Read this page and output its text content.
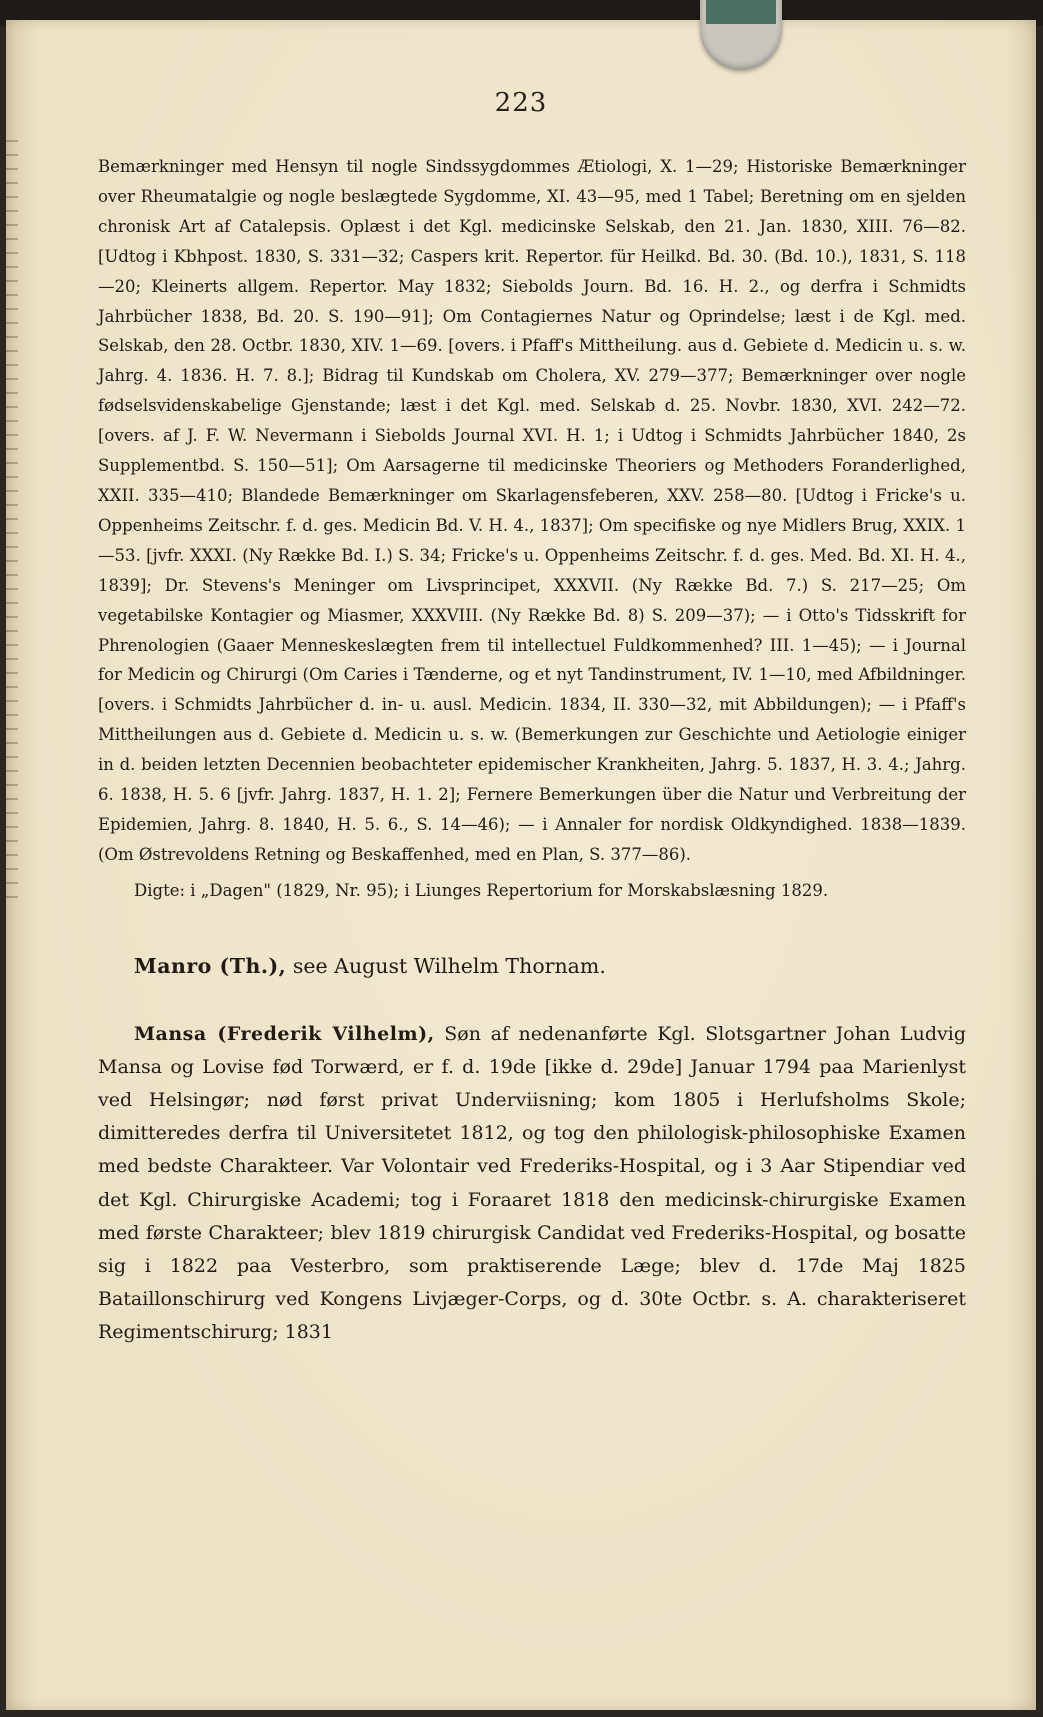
223

Bemærkninger med Hensyn til nogle Sindssygdommes Ætiologi, X. 1—29; Historiske Bemærkninger over Rheumatalgie og nogle beslægtede Sygdomme, XI. 43—95, med 1 Tabel; Beretning om en sjelden chronisk Art af Catalepsis. Oplæst i det Kgl. medicinske Selskab, den 21. Jan. 1830, XIII. 76—82. [Udtog i Kbhpost. 1830, S. 331—32; Caspers krit. Repertor. für Heilkd. Bd. 30. (Bd. 10.), 1831, S. 118—20; Kleinerts allgem. Repertor. May 1832; Siebolds Journ. Bd. 16. H. 2., og derfra i Schmidts Jahrbücher 1838, Bd. 20. S. 190—91]; Om Contagiernes Natur og Oprindelse; læst i de Kgl. med. Selskab, den 28. Octbr. 1830, XIV. 1—69. [overs. i Pfaff's Mittheilung. aus d. Gebiete d. Medicin u. s. w. Jahrg. 4. 1836. H. 7. 8.]; Bidrag til Kundskab om Cholera, XV. 279—377; Bemærkninger over nogle fødselsvidenskabelige Gjenstande; læst i det Kgl. med. Selskab d. 25. Novbr. 1830, XVI. 242—72. [overs. af J. F. W. Nevermann i Siebolds Journal XVI. H. 1; i Udtog i Schmidts Jahrbücher 1840, 2s Supplementbd. S. 150—51]; Om Aarsagerne til medicinske Theoriers og Methoders Foranderlighed, XXII. 335—410; Blandede Bemærkninger om Skarlagensfeberen, XXV. 258—80. [Udtog i Fricke's u. Oppenheims Zeitschr. f. d. ges. Medicin Bd. V. H. 4., 1837]; Om specifiske og nye Midlers Brug, XXIX. 1—53. [jvfr. XXXI. (Ny Række Bd. I.) S. 34; Fricke's u. Oppenheims Zeitschr. f. d. ges. Med. Bd. XI. H. 4., 1839]; Dr. Stevens's Meninger om Livsprincipet, XXXVII. (Ny Række Bd. 7.) S. 217—25; Om vegetabilske Kontagier og Miasmer, XXXVIII. (Ny Række Bd. 8) S. 209—37); — i Otto's Tidsskrift for Phrenologien (Gaaer Menneskeslægten frem til intellectuel Fuldkommenhed? III. 1—45); — i Journal for Medicin og Chirurgi (Om Caries i Tænderne, og et nyt Tandinstrument, IV. 1—10, med Afbildninger. [overs. i Schmidts Jahrbücher d. in- u. ausl. Medicin. 1834, II. 330—32, mit Abbildungen); — i Pfaff's Mittheilungen aus d. Gebiete d. Medicin u. s. w. (Bemerkungen zur Geschichte und Aetiologie einiger in d. beiden letzten Decennien beobachteter epidemischer Krankheiten, Jahrg. 5. 1837, H. 3. 4.; Jahrg. 6. 1838, H. 5. 6 [jvfr. Jahrg. 1837, H. 1. 2]; Fernere Bemerkungen über die Natur und Verbreitung der Epidemien, Jahrg. 8. 1840, H. 5. 6., S. 14—46); — i Annaler for nordisk Oldkyndighed. 1838—1839. (Om Østrevoldens Retning og Beskaffenhed, med en Plan, S. 377—86).

Digte: i „Dagen" (1829, Nr. 95); i Liunges Repertorium for Morskabslæsning 1829.

Manro (Th.), see August Wilhelm Thornam.

Mansa (Frederik Vilhelm), Søn af nedenanførte Kgl. Slotsgartner Johan Ludvig Mansa og Lovise fød Torwærd, er f. d. 19de [ikke d. 29de] Januar 1794 paa Marienlyst ved Helsingør; nød først privat Underviisning; kom 1805 i Herlufsholms Skole; dimitteredes derfra til Universitetet 1812, og tog den philologisk-philosophiske Examen med bedste Charakteer. Var Volontair ved Frederiks-Hospital, og i 3 Aar Stipendiar ved det Kgl. Chirurgiske Academi; tog i Foraaret 1818 den medicinsk-chirurgiske Examen med første Charakteer; blev 1819 chirurgisk Candidat ved Frederiks-Hospital, og bosatte sig i 1822 paa Vesterbro, som praktiserende Læge; blev d. 17de Maj 1825 Bataillonschirurg ved Kongens Livjæger-Corps, og d. 30te Octbr. s. A. charakteriseret Regimentschirurg; 1831
